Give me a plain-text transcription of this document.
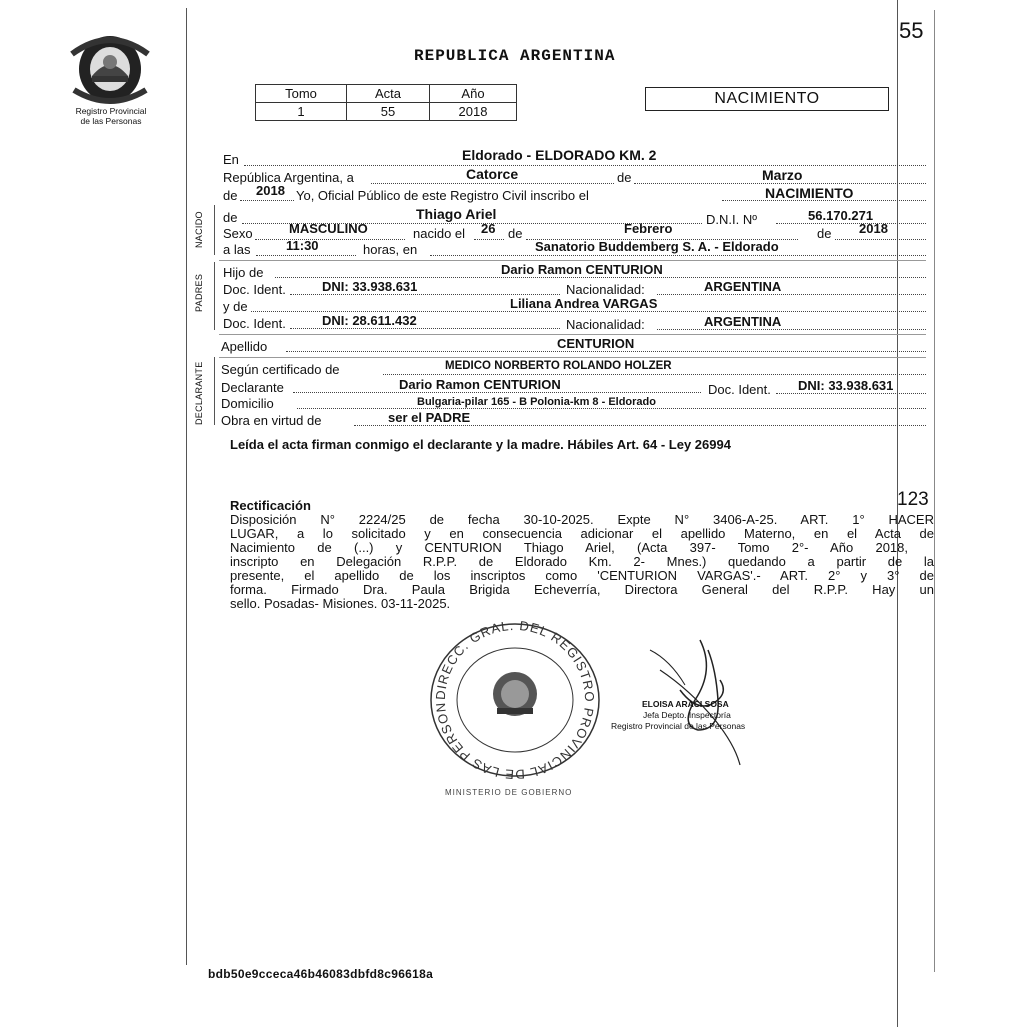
55
Registro Provincial
de las Personas
REPUBLICA ARGENTINA
Tomo	Acta	Año
1	55	2018
NACIMIENTO
NACIDO
PADRES
DECLARANTE
En	Eldorado - ELDORADO KM. 2
República Argentina, a	Catorce	de	Marzo
de 2018 Yo, Oficial Público de este Registro Civil inscribo el	NACIMIENTO
de	Thiago Ariel	D.N.I. Nº	56.170.271
Sexo	MASCULINO	nacido el 26 de	Febrero	de 2018
a las	11:30	horas, en	Sanatorio Buddemberg S. A. - Eldorado
Hijo de	Dario Ramon CENTURION
Doc. Ident.	DNI: 33.938.631	Nacionalidad:	ARGENTINA
y de	Liliana Andrea VARGAS
Doc. Ident.	DNI: 28.611.432	Nacionalidad:	ARGENTINA
Apellido	CENTURION
Según certificado de	MEDICO NORBERTO ROLANDO HOLZER
Declarante	Dario Ramon CENTURION	Doc. Ident. DNI: 33.938.631
Domicilio	Bulgaria-pilar 165 - B Polonia-km 8 - Eldorado
Obra en virtud de	ser el PADRE
Leída el acta firman conmigo el declarante y la madre. Hábiles Art. 64 - Ley 26994
123
Rectificación
Disposición N° 2224/25 de fecha 30-10-2025. Expte N° 3406-A-25. ART. 1° HACER
LUGAR, a lo solicitado y en consecuencia adicionar el apellido Materno, en el Acta de
Nacimiento de (...) y CENTURION Thiago Ariel, (Acta 397- Tomo 2°- Año 2018,
inscripto en Delegación R.P.P. de Eldorado Km. 2- Mnes.) quedando a partir de la
presente, el apellido de los inscriptos como 'CENTURION VARGAS'.- ART. 2° y 3° de
forma. Firmado Dra. Paula Brigida Echeverría, Directora General del R.P.P. Hay un
sello. Posadas- Misiones. 03-11-2025.
DIRECC. GRAL. DEL REGISTRO PROVINCIAL DE LAS PERSON
MINISTERIO DE GOBIERNO
ELOISA ARACI SOSA
Jefa Depto. Inspectoría
Registro Provincial de las Personas
bdb50e9cceca46b46083dbfd8c96618a
